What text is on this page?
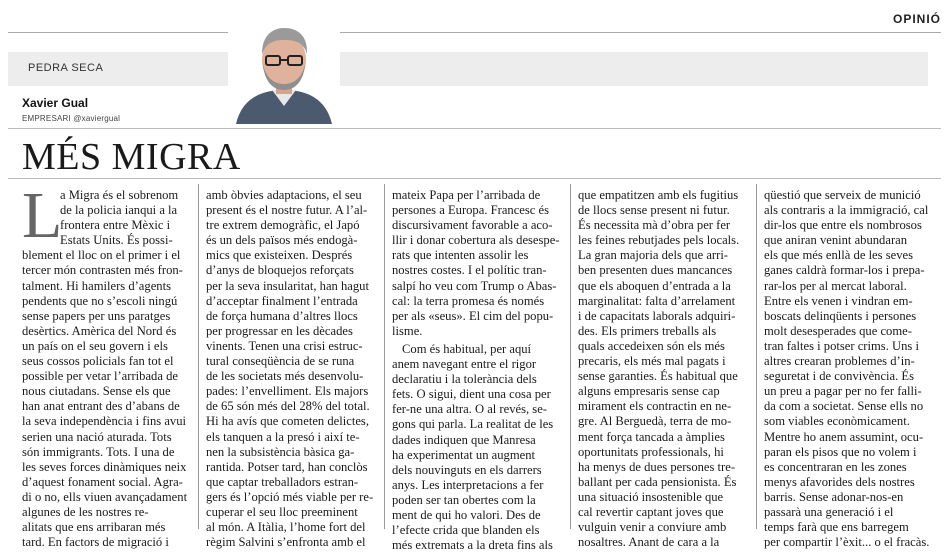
OPINIÓ
PEDRA SECA
Xavier Gual
EMPRESARI @xaviergual
MÉS MIGRA
L
a Migra és el sobrenom
de la policia ianqui a la
frontera entre Mèxic i
Estats Units. És possi-
blement el lloc on el primer i el
tercer món contrasten més fron-
talment. Hi hamilers d’agents
pendents que no s’escoli ningú
sense papers per uns paratges
desèrtics. Amèrica del Nord és
un país on el seu govern i els
seus cossos policials fan tot el
possible per vetar l’arribada de
nous ciutadans. Sense els que
han anat entrant des d’abans de
la seva independència i fins avui
serien una nació aturada. Tots
són immigrants. Tots. I una de
les seves forces dinàmiques neix
d’aquest fonament social. Agra-
di o no, ells viuen avançadament
algunes de les nostres re-
alitats que ens arribaran més
tard. En factors de migració i
amb òbvies adaptacions, el seu
present és el nostre futur. A l’al-
tre extrem demogràfic, el Japó
és un dels països més endogà-
mics que existeixen. Després
d’anys de bloquejos reforçats
per la seva insularitat, han hagut
d’acceptar finalment l’entrada
de força humana d’altres llocs
per progressar en les dècades
vinents. Tenen una crisi estruc-
tural conseqüència de se runa
de les societats més desenvolu-
pades: l’envelliment. Els majors
de 65 són més del 28% del total.
Hi ha avís que cometen delictes,
els tanquen a la presó i així te-
nen la subsistència bàsica ga-
rantida. Potser tard, han conclòs
que captar treballadors estran-
gers és l’opció més viable per re-
cuperar el seu lloc preeminent
al món. A Itàlia, l’home fort del
règim Salvini s’enfronta amb el
mateix Papa per l’arribada de
persones a Europa. Francesc és
discursivament favorable a aco-
llir i donar cobertura als desespe-
rats que intenten assolir les
nostres costes. I el polític tran-
salpí ho veu com Trump o Abas-
cal: la terra promesa és només
per als «seus». El cim del popu-
lisme.
Com és habitual, per aquí
anem navegant entre el rigor
declaratiu i la tolerància dels
fets. O sigui, dient una cosa per
fer-ne una altra. O al revés, se-
gons qui parla. La realitat de les
dades indiquen que Manresa
ha experimentat un augment
dels nouvinguts en els darrers
anys. Les interpretacions a fer
poden ser tan obertes com la
ment de qui ho valori. Des de
l’efecte crida que blanden els
més extremats a la dreta fins als
que empatitzen amb els fugitius
de llocs sense present ni futur.
És necessita mà d’obra per fer
les feines rebutjades pels locals.
La gran majoria dels que arri-
ben presenten dues mancances
que els aboquen d’entrada a la
marginalitat: falta d’arrelament
i de capacitats laborals adquiri-
des. Els primers treballs als
quals accedeixen són els més
precaris, els més mal pagats i
sense garanties. És habitual que
alguns empresaris sense cap
mirament els contractin en ne-
gre. Al Berguedà, terra de mo-
ment força tancada a àmplies
oportunitats professionals, hi
ha menys de dues persones tre-
ballant per cada pensionista. És
una situació insostenible que
cal revertir captant joves que
vulguin venir a conviure amb
nosaltres. Anant de cara a la
qüestió que serveix de munició
als contraris a la immigració, cal
dir-los que entre els nombrosos
que aniran venint abundaran
els que més enllà de les seves
ganes caldrà formar-los i prepa-
rar-los per al mercat laboral.
Entre els venen i vindran em-
boscats delinqüents i persones
molt desesperades que come-
tran faltes i potser crims. Uns i
altres crearan problemes d’in-
seguretat i de convivència. És
un preu a pagar per no fer falli-
da com a societat. Sense ells no
som viables econòmicament.
Mentre ho anem assumint, ocu-
paran els pisos que no volem i
es concentraran en les zones
menys afavorides dels nostres
barris. Sense adonar-nos-en
passarà una generació i el
temps farà que ens barregem
per compartir l’èxit... o el fracàs.
